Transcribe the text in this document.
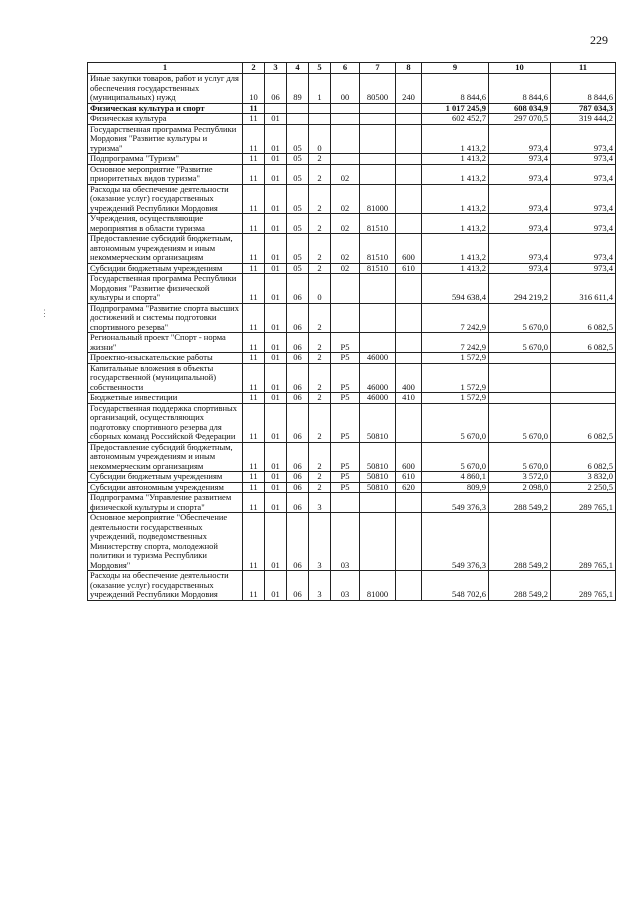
229
⋮
1	2	3	4	5	6	7	8	9	10	11
Иные закупки товаров, работ и услуг для обеспечения государственных (муниципальных) нужд	10	06	89	1	00	80500	240	8 844,6	8 844,6	8 844,6
Физическая культура и спорт	11							1 017 245,9	608 034,9	787 034,3
Физическая культура	11	01						602 452,7	297 070,5	319 444,2
Государственная программа Республики Мордовия "Развитие культуры и туризма"	11	01	05	0				1 413,2	973,4	973,4
Подпрограмма "Туризм"	11	01	05	2				1 413,2	973,4	973,4
Основное мероприятие "Развитие приоритетных видов туризма"	11	01	05	2	02			1 413,2	973,4	973,4
Расходы на обеспечение деятельности (оказание услуг) государственных учреждений Республики Мордовия	11	01	05	2	02	81000		1 413,2	973,4	973,4
Учреждения, осуществляющие мероприятия в области туризма	11	01	05	2	02	81510		1 413,2	973,4	973,4
Предоставление субсидий бюджетным, автономным учреждениям и иным некоммерческим организациям	11	01	05	2	02	81510	600	1 413,2	973,4	973,4
Субсидии бюджетным учреждениям	11	01	05	2	02	81510	610	1 413,2	973,4	973,4
Государственная программа Республики Мордовия "Развитие физической культуры и спорта"	11	01	06	0				594 638,4	294 219,2	316 611,4
Подпрограмма "Развитие спорта высших достижений и системы подготовки спортивного резерва"	11	01	06	2				7 242,9	5 670,0	6 082,5
Региональный проект "Спорт - норма жизни"	11	01	06	2	P5			7 242,9	5 670,0	6 082,5
Проектно-изыскательские работы	11	01	06	2	P5	46000		1 572,9		
Капитальные вложения в объекты государственной (муниципальной) собственности	11	01	06	2	P5	46000	400	1 572,9		
Бюджетные инвестиции	11	01	06	2	P5	46000	410	1 572,9		
Государственная поддержка спортивных организаций, осуществляющих подготовку спортивного резерва для сборных команд Российской Федерации	11	01	06	2	P5	50810		5 670,0	5 670,0	6 082,5
Предоставление субсидий бюджетным, автономным учреждениям и иным некоммерческим организациям	11	01	06	2	P5	50810	600	5 670,0	5 670,0	6 082,5
Субсидии бюджетным учреждениям	11	01	06	2	P5	50810	610	4 860,1	3 572,0	3 832,0
Субсидии автономным учреждениям	11	01	06	2	P5	50810	620	809,9	2 098,0	2 250,5
Подпрограмма "Управление развитием физической культуры и спорта"	11	01	06	3				549 376,3	288 549,2	289 765,1
Основное мероприятие "Обеспечение деятельности государственных учреждений, подведомственных Министерству спорта, молодежной политики и туризма Республики Мордовия"	11	01	06	3	03			549 376,3	288 549,2	289 765,1
Расходы на обеспечение деятельности (оказание услуг) государственных учреждений Республики Мордовия	11	01	06	3	03	81000		548 702,6	288 549,2	289 765,1
